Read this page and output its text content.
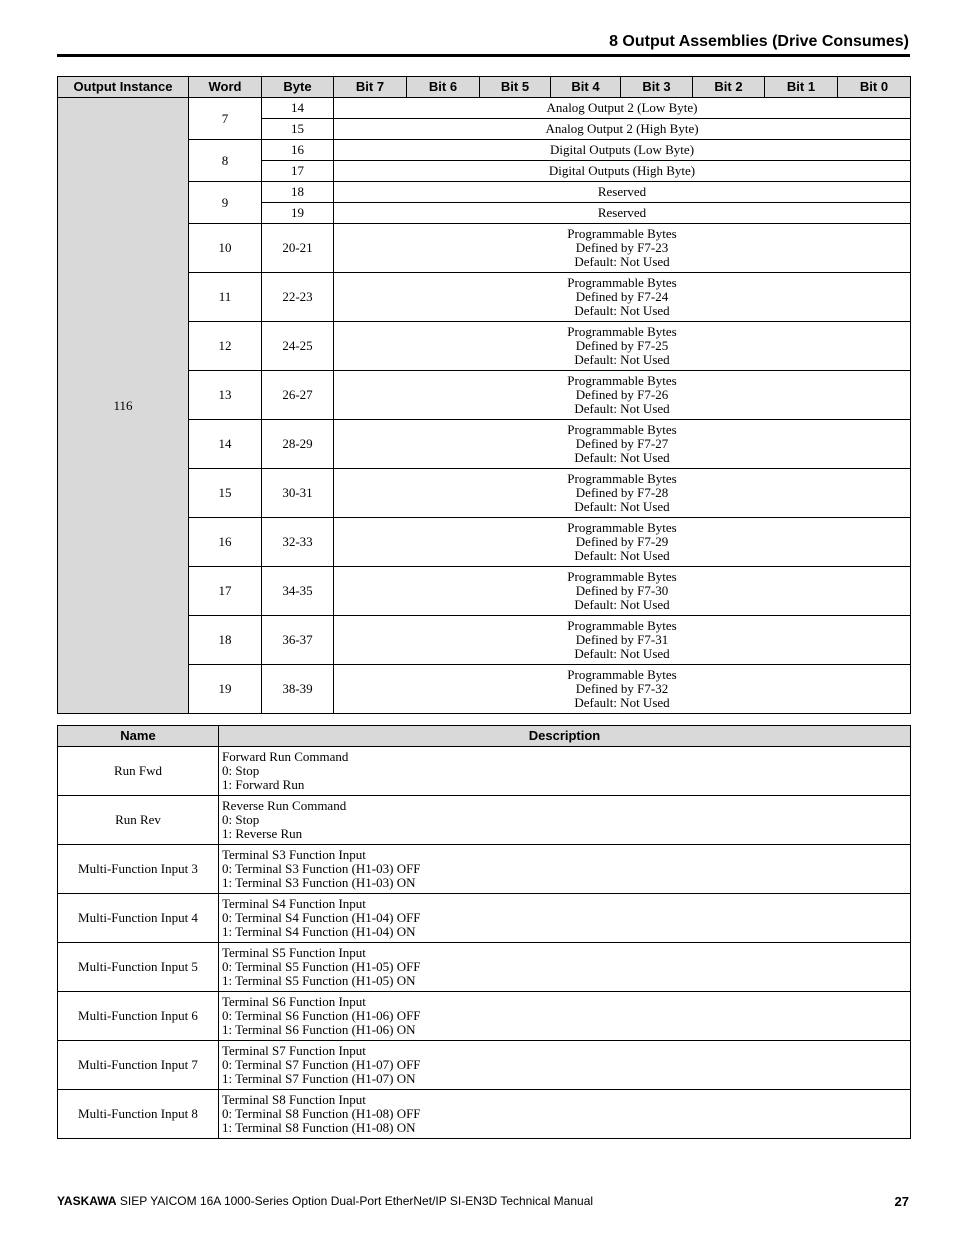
8 Output Assemblies (Drive Consumes)
Output Instance	Word	Byte	Bit 7	Bit 6	Bit 5	Bit 4	Bit 3	Bit 2	Bit 1	Bit 0
116	7	14	Analog Output 2 (Low Byte)							
		15	Analog Output 2 (High Byte)							
	8	16	Digital Outputs (Low Byte)							
		17	Digital Outputs (High Byte)							
	9	18	Reserved							
		19	Reserved							
	10	20-21	Programmable Bytes
Defined by F7-23
Default: Not Used							
	11	22-23	Programmable Bytes
Defined by F7-24
Default: Not Used							
	12	24-25	Programmable Bytes
Defined by F7-25
Default: Not Used							
	13	26-27	Programmable Bytes
Defined by F7-26
Default: Not Used							
	14	28-29	Programmable Bytes
Defined by F7-27
Default: Not Used							
	15	30-31	Programmable Bytes
Defined by F7-28
Default: Not Used							
	16	32-33	Programmable Bytes
Defined by F7-29
Default: Not Used							
	17	34-35	Programmable Bytes
Defined by F7-30
Default: Not Used							
	18	36-37	Programmable Bytes
Defined by F7-31
Default: Not Used							
	19	38-39	Programmable Bytes
Defined by F7-32
Default: Not Used							
Name	Description
Run Fwd	Forward Run Command
0: Stop
1: Forward Run
Run Rev	Reverse Run Command
0: Stop
1: Reverse Run
Multi-Function Input 3	Terminal S3 Function Input
0: Terminal S3 Function (H1-03) OFF
1: Terminal S3 Function (H1-03) ON
Multi-Function Input 4	Terminal S4 Function Input
0: Terminal S4 Function (H1-04) OFF
1: Terminal S4 Function (H1-04) ON
Multi-Function Input 5	Terminal S5 Function Input
0: Terminal S5 Function (H1-05) OFF
1: Terminal S5 Function (H1-05) ON
Multi-Function Input 6	Terminal S6 Function Input
0: Terminal S6 Function (H1-06) OFF
1: Terminal S6 Function (H1-06) ON
Multi-Function Input 7	Terminal S7 Function Input
0: Terminal S7 Function (H1-07) OFF
1: Terminal S7 Function (H1-07) ON
Multi-Function Input 8	Terminal S8 Function Input
0: Terminal S8 Function (H1-08) OFF
1: Terminal S8 Function (H1-08) ON
YASKAWA SIEP YAICOM 16A 1000-Series Option Dual-Port EtherNet/IP SI-EN3D Technical Manual	27
